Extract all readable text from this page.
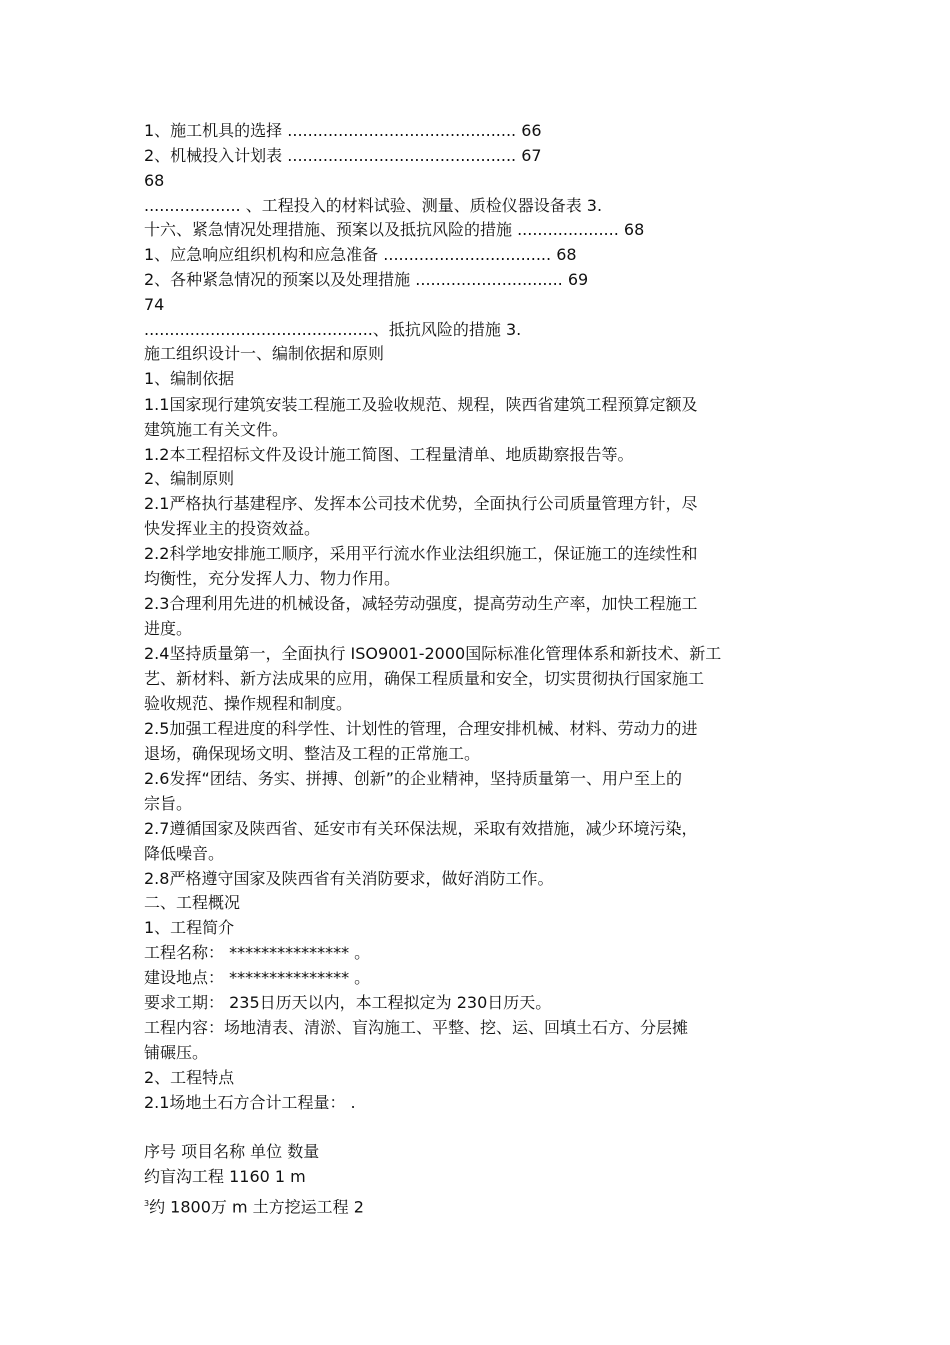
1、施工机具的选择 ............................................. 66
2、机械投入计划表 ............................................. 67
68
................... 、工程投入的材料试验、测量、质检仪器设备表 3.
十六、紧急情况处理措施、预案以及抵抗风险的措施 .................... 68
1、应急响应组织机构和应急准备 ................................. 68
2、各种紧急情况的预案以及处理措施 ............................. 69
74
.............................................、抵抗风险的措施 3.
施工组织设计一、编制依据和原则
1、编制依据
1.1国家现行建筑安装工程施工及验收规范、规程，陕西省建筑工程预算定额及
建筑施工有关文件。
1.2本工程招标文件及设计施工简图、工程量清单、地质勘察报告等。
2、编制原则
2.1严格执行基建程序、发挥本公司技术优势，全面执行公司质量管理方针，尽
快发挥业主的投资效益。
2.2科学地安排施工顺序，采用平行流水作业法组织施工，保证施工的连续性和
均衡性，充分发挥人力、物力作用。
2.3合理利用先进的机械设备，减轻劳动强度，提高劳动生产率，加快工程施工
进度。
2.4坚持质量第一，全面执行 ISO9001-2000国际标准化管理体系和新技术、新工
艺、新材料、新方法成果的应用，确保工程质量和安全，切实贯彻执行国家施工
验收规范、操作规程和制度。
2.5加强工程进度的科学性、计划性的管理，合理安排机械、材料、劳动力的进
退场，确保现场文明、整洁及工程的正常施工。
2.6发挥“团结、务实、拼搏、创新”的企业精神，坚持质量第一、用户至上的
宗旨。
2.7遵循国家及陕西省、延安市有关环保法规，采取有效措施，减少环境污染，
降低噪音。
2.8严格遵守国家及陕西省有关消防要求，做好消防工作。
二、工程概况
1、工程简介
工程名称： *************** 。
建设地点： *************** 。
要求工期： 235日历天以内，本工程拟定为 230日历天。
工程内容：场地清表、清淤、盲沟施工、平整、挖、运、回填土石方、分层摊
铺碾压。
2、工程特点
2.1场地土石方合计工程量： .
序号 项目名称 单位 数量
约盲沟工程 1160 1 m
$^3$约 1800万 m 土方挖运工程 2
